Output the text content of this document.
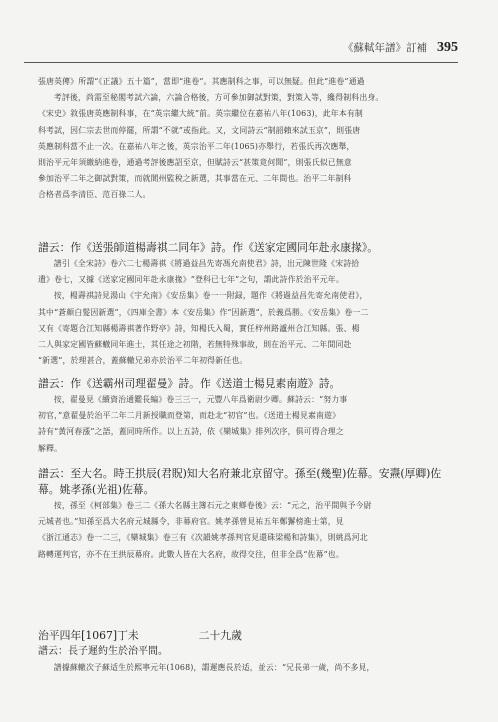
《蘇軾年譜》訂補 395

張唐英傳》所謂“《正議》五十篇”，當即“進卷”。其應制科之事，可以無疑。但此“進卷”通過

考評後，尚需至秘閣考試六論，六論合格後，方可參加御試對策，對策入等，纔得制科出身。

《宋史》敘張唐英應制科事，在“英宗繼大統”前。英宗繼位在嘉祐八年(1063)，此年本有制

科考試，因仁宗去世而停罷，所謂“不就”或指此。又，文同詩云“制韶賴來試玉京”，則張唐

英應制科當不止一次。在嘉祐八年之後，英宗治平二年(1065)亦舉行，若張氏再次應舉，

則治平元年須繳納進卷，通過考評後應詔至京，但賦詩云“甚策竟何聞”，則張氏似已無意

參加治平二年之御試對策，而就閬州監稅之新選，其事當在元、二年間也。治平二年制科

合格者爲李清臣、范百祿二人。

譜云：作《送張師道楊壽祺二同年》詩。作《送家定國同年赴永康掾》。

譜引《全宋詩》卷六二七楊壽祺《將過益昌先寄馮允南使君》詩，出元陳世隆《宋詩拾

遺》卷七，又據《送家定國同年赴永康掾》“登科已七年”之句，謂此詩作於治平元年。

按，楊壽祺詩見湯山《宇允南》《安岳集》卷一一附録，題作《將過益昌先寄允南使君》，

其中“蒼顏白髮因新選”，《四庫全書》本《安岳集》作“因新選”，於義爲勝。《安岳集》卷一二

又有《寄題合江知縣楊壽祺著作野亭》詩，知楊氏入蜀，實任梓州路瀘州合江知縣。張、楊

二人與家定國皆蘇轍同年進士，其任途之初階，若無特殊事故，則在治平元、二年間同赴

“新選”，於理甚合，蓋蘇轍兄弟亦於治平二年初得新任也。

譜云：作《送霸州司理翟曼》詩。作《送道士楊見素南遊》詩。

按，翟曼見《續資治通鑑長編》卷三三一，元豐八年爲衛尉少卿。蘇詩云：“努力事

初官，”意翟曼於治平二年二月新授職而登第，而赴北“初官”也。《送道士楊見素南遊》

詩有“黃河春漲”之語，蓋同時所作。以上五詩，依《欒城集》排列次序，俱可得合理之

解釋。

譜云：至大名。時王拱辰(君貺)知大名府兼北京留守。孫至(幾聖)佐幕。安燾(厚卿)佐

幕。姚孝孫(光祖)佐幕。

按，孫至《柯部集》卷三二《孫大名縣主簿石元之東鄉卷後》云：“元之，治平間與予今尉

元城者也。”知孫至爲大名府元城縣令，非幕府官。姚孝孫曾見祐五年鄭獬榜進士第，見

《浙江通志》卷一二三，《欒城集》卷三有《次韻姚孝孫判官見還硃梁楊和詩集》，則姚爲河北

路轉運判官，亦不在王拱辰幕府。此數人皆在大名府，故得交往，但非全爲“佐幕”也。

治平四年[1067]丁未	二十九歲

譜云：長子遲約生於治平間。

譜據蘇轍次子蘇适生於熙寧元年(1068)，謂遲應長於适，並云：“兄長弟一歲，尚不多見，
